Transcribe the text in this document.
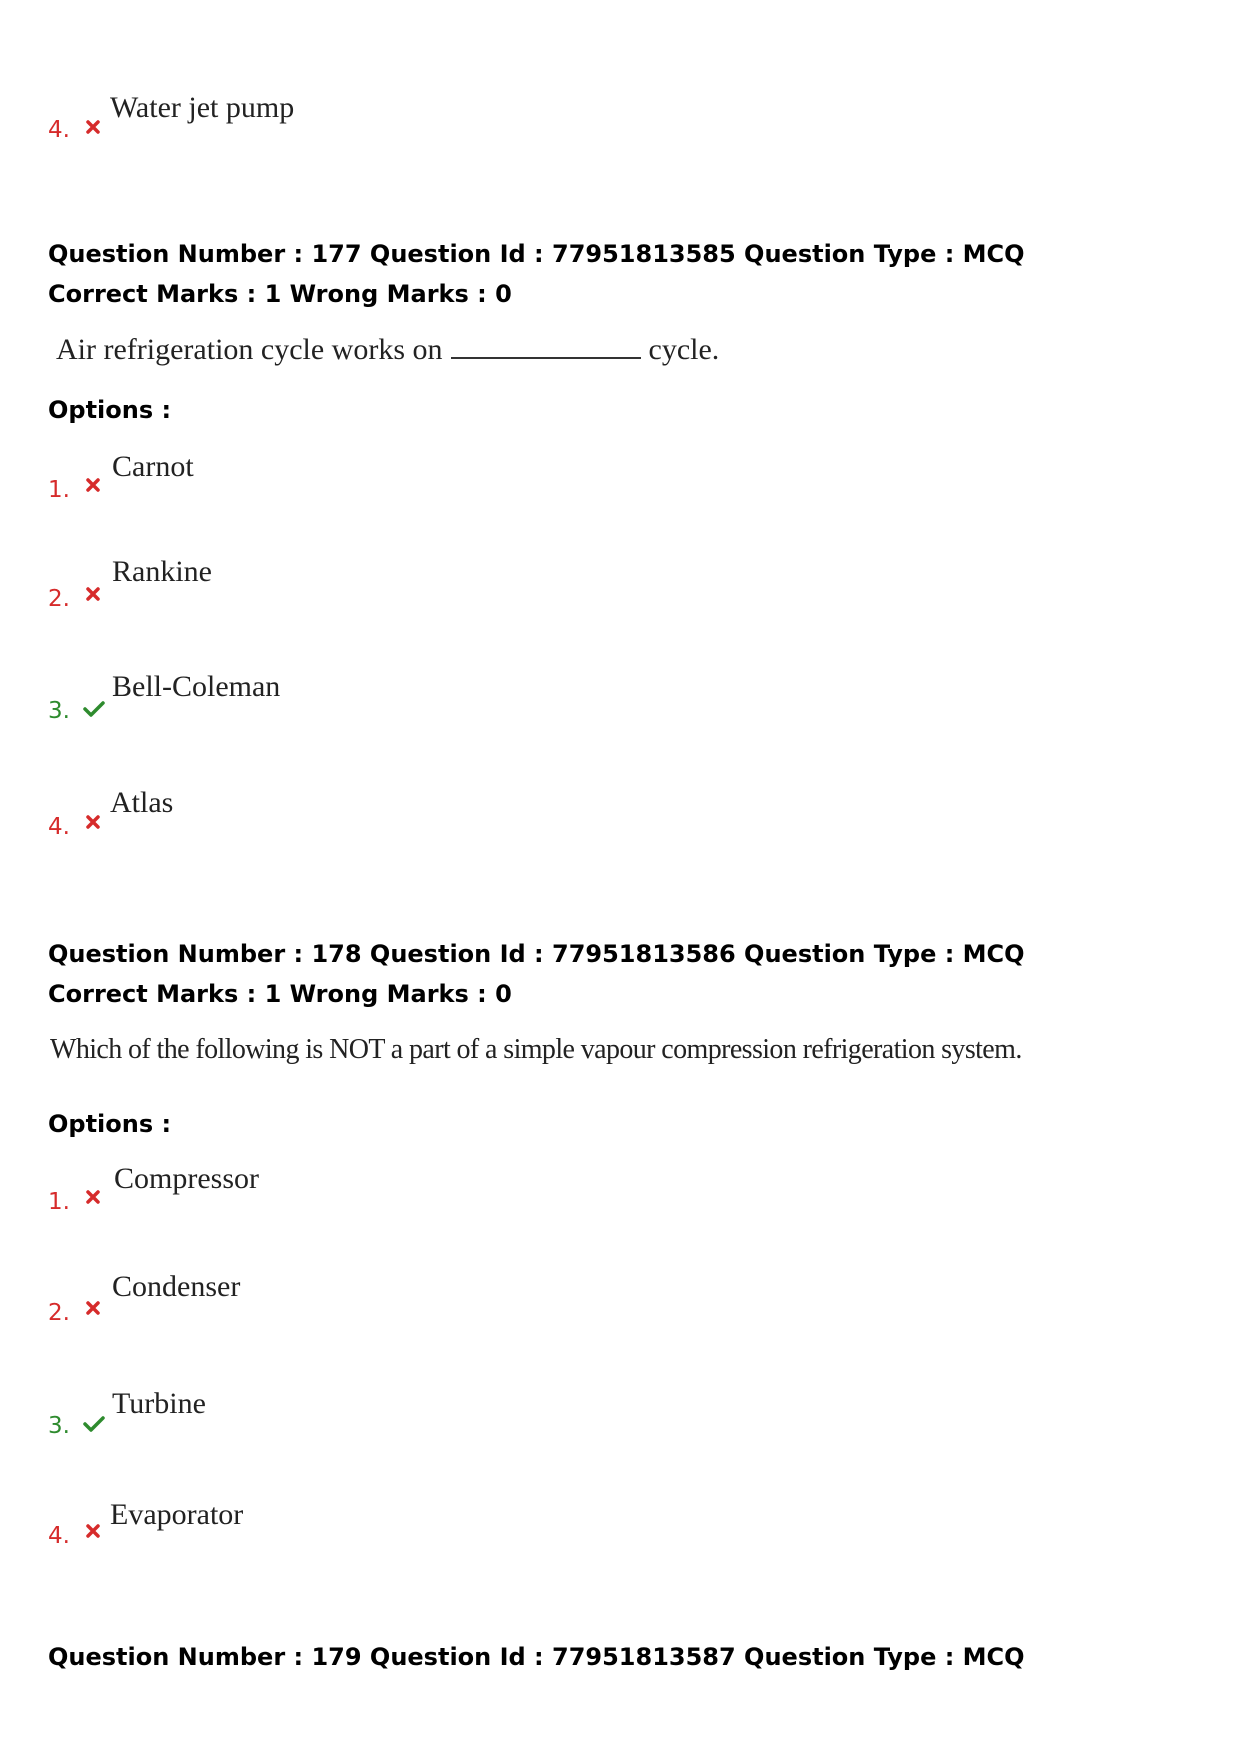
4.
Water jet pump
Question Number : 177 Question Id : 77951813585 Question Type : MCQ
Correct Marks : 1 Wrong Marks : 0
Air refrigeration cycle works on	cycle.
Options :
1.
Carnot
2.
Rankine
3.
Bell-Coleman
4.
Atlas
Question Number : 178 Question Id : 77951813586 Question Type : MCQ
Correct Marks : 1 Wrong Marks : 0
Which of the following is NOT a part of a simple vapour compression refrigeration system.
Options :
1.
Compressor
2.
Condenser
3.
Turbine
4.
Evaporator
Question Number : 179 Question Id : 77951813587 Question Type : MCQ
